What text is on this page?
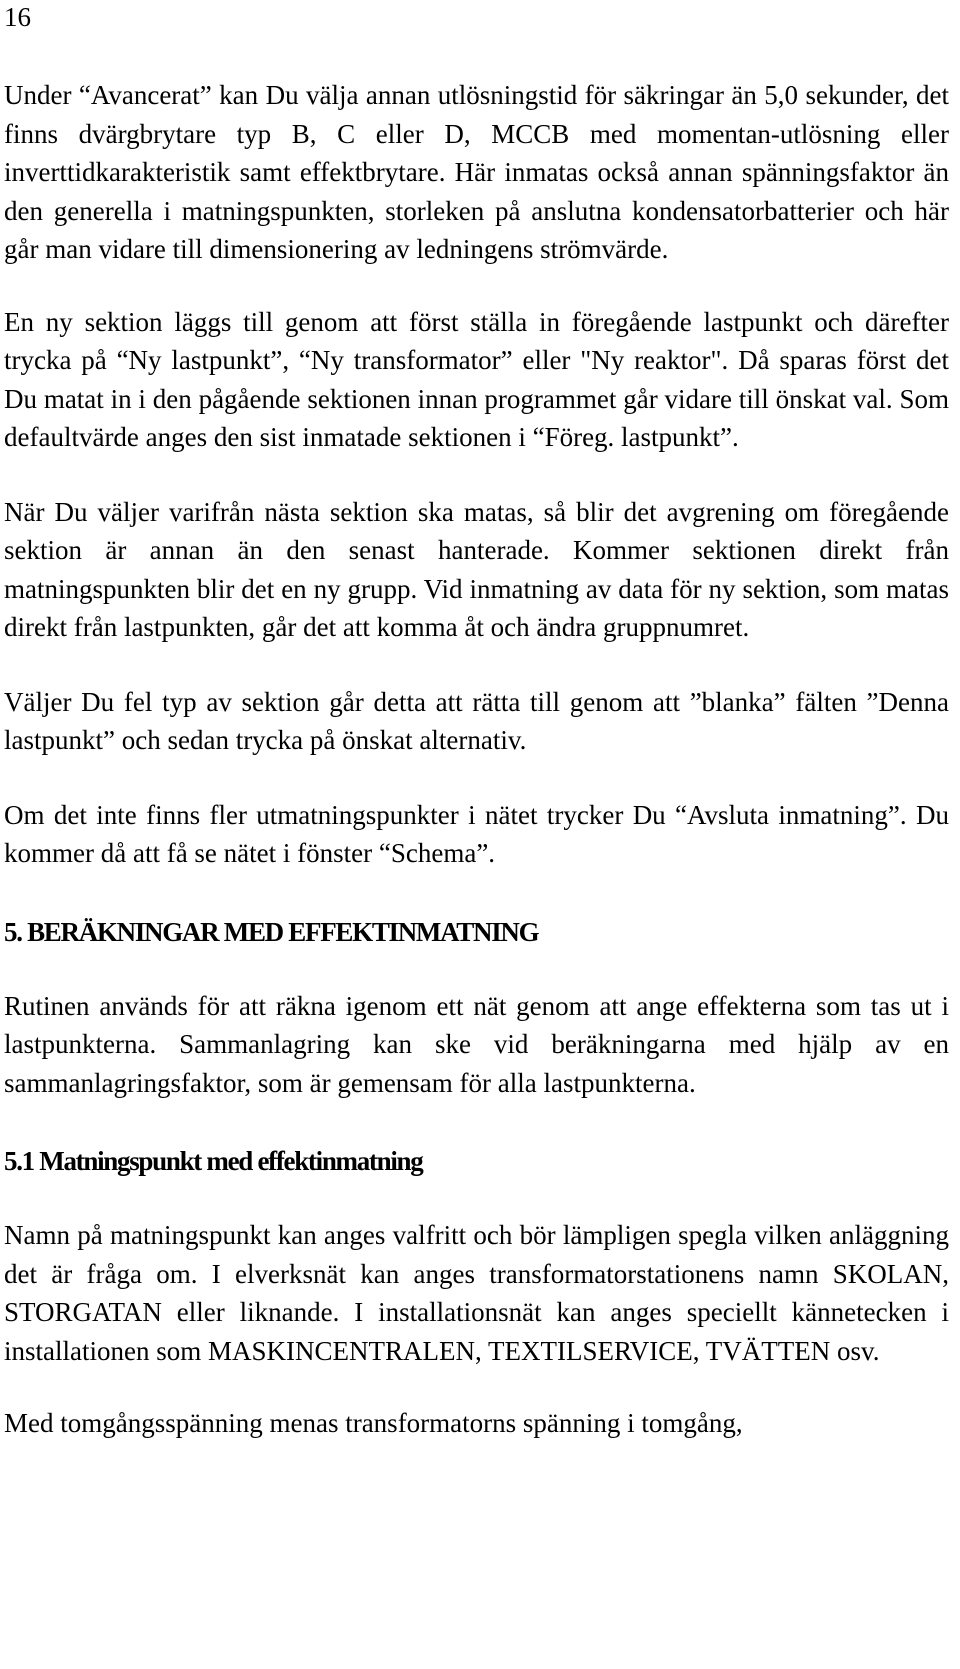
16

Under “Avancerat” kan Du välja annan utlösningstid för säkringar än 5,0 sekunder, det finns dvärgbrytare typ B, C eller D, MCCB med momentan-utlösning eller inverttidkarakteristik samt effektbrytare. Här inmatas också annan spänningsfaktor än den generella i matningspunkten, storleken på anslutna kondensatorbatterier och här går man vidare till dimensionering av ledningens strömvärde.

En ny sektion läggs till genom att först ställa in föregående lastpunkt och därefter trycka på “Ny lastpunkt”, “Ny transformator” eller "Ny reaktor". Då sparas först det Du matat in i den pågående sektionen innan programmet går vidare till önskat val. Som defaultvärde anges den sist inmatade sektionen i “Föreg. lastpunkt”.

När Du väljer varifrån nästa sektion ska matas, så blir det avgrening om föregående sektion är annan än den senast hanterade. Kommer sektionen direkt från matningspunkten blir det en ny grupp. Vid inmatning av data för ny sektion, som matas direkt från lastpunkten, går det att komma åt och ändra gruppnumret.

Väljer Du fel typ av sektion går detta att rätta till genom att ”blanka” fälten ”Denna lastpunkt” och sedan trycka på önskat alternativ.

Om det inte finns fler utmatningspunkter i nätet trycker Du “Avsluta inmatning”. Du kommer då att få se nätet i fönster “Schema”.

5. BERÄKNINGAR MED EFFEKTINMATNING

Rutinen används för att räkna igenom ett nät genom att ange effekterna som tas ut i lastpunkterna. Sammanlagring kan ske vid beräkningarna med hjälp av en sammanlagringsfaktor, som är gemensam för alla lastpunkterna.

5.1 Matningspunkt med effektinmatning

Namn på matningspunkt kan anges valfritt och bör lämpligen spegla vilken anläggning det är fråga om. I elverksnät kan anges transformatorstationens namn SKOLAN, STORGATAN eller liknande. I installationsnät kan anges speciellt kännetecken i installationen som MASKINCENTRALEN, TEXTILSERVICE, TVÄTTEN osv.

Med tomgångsspänning menas transformatorns spänning i tomgång,
